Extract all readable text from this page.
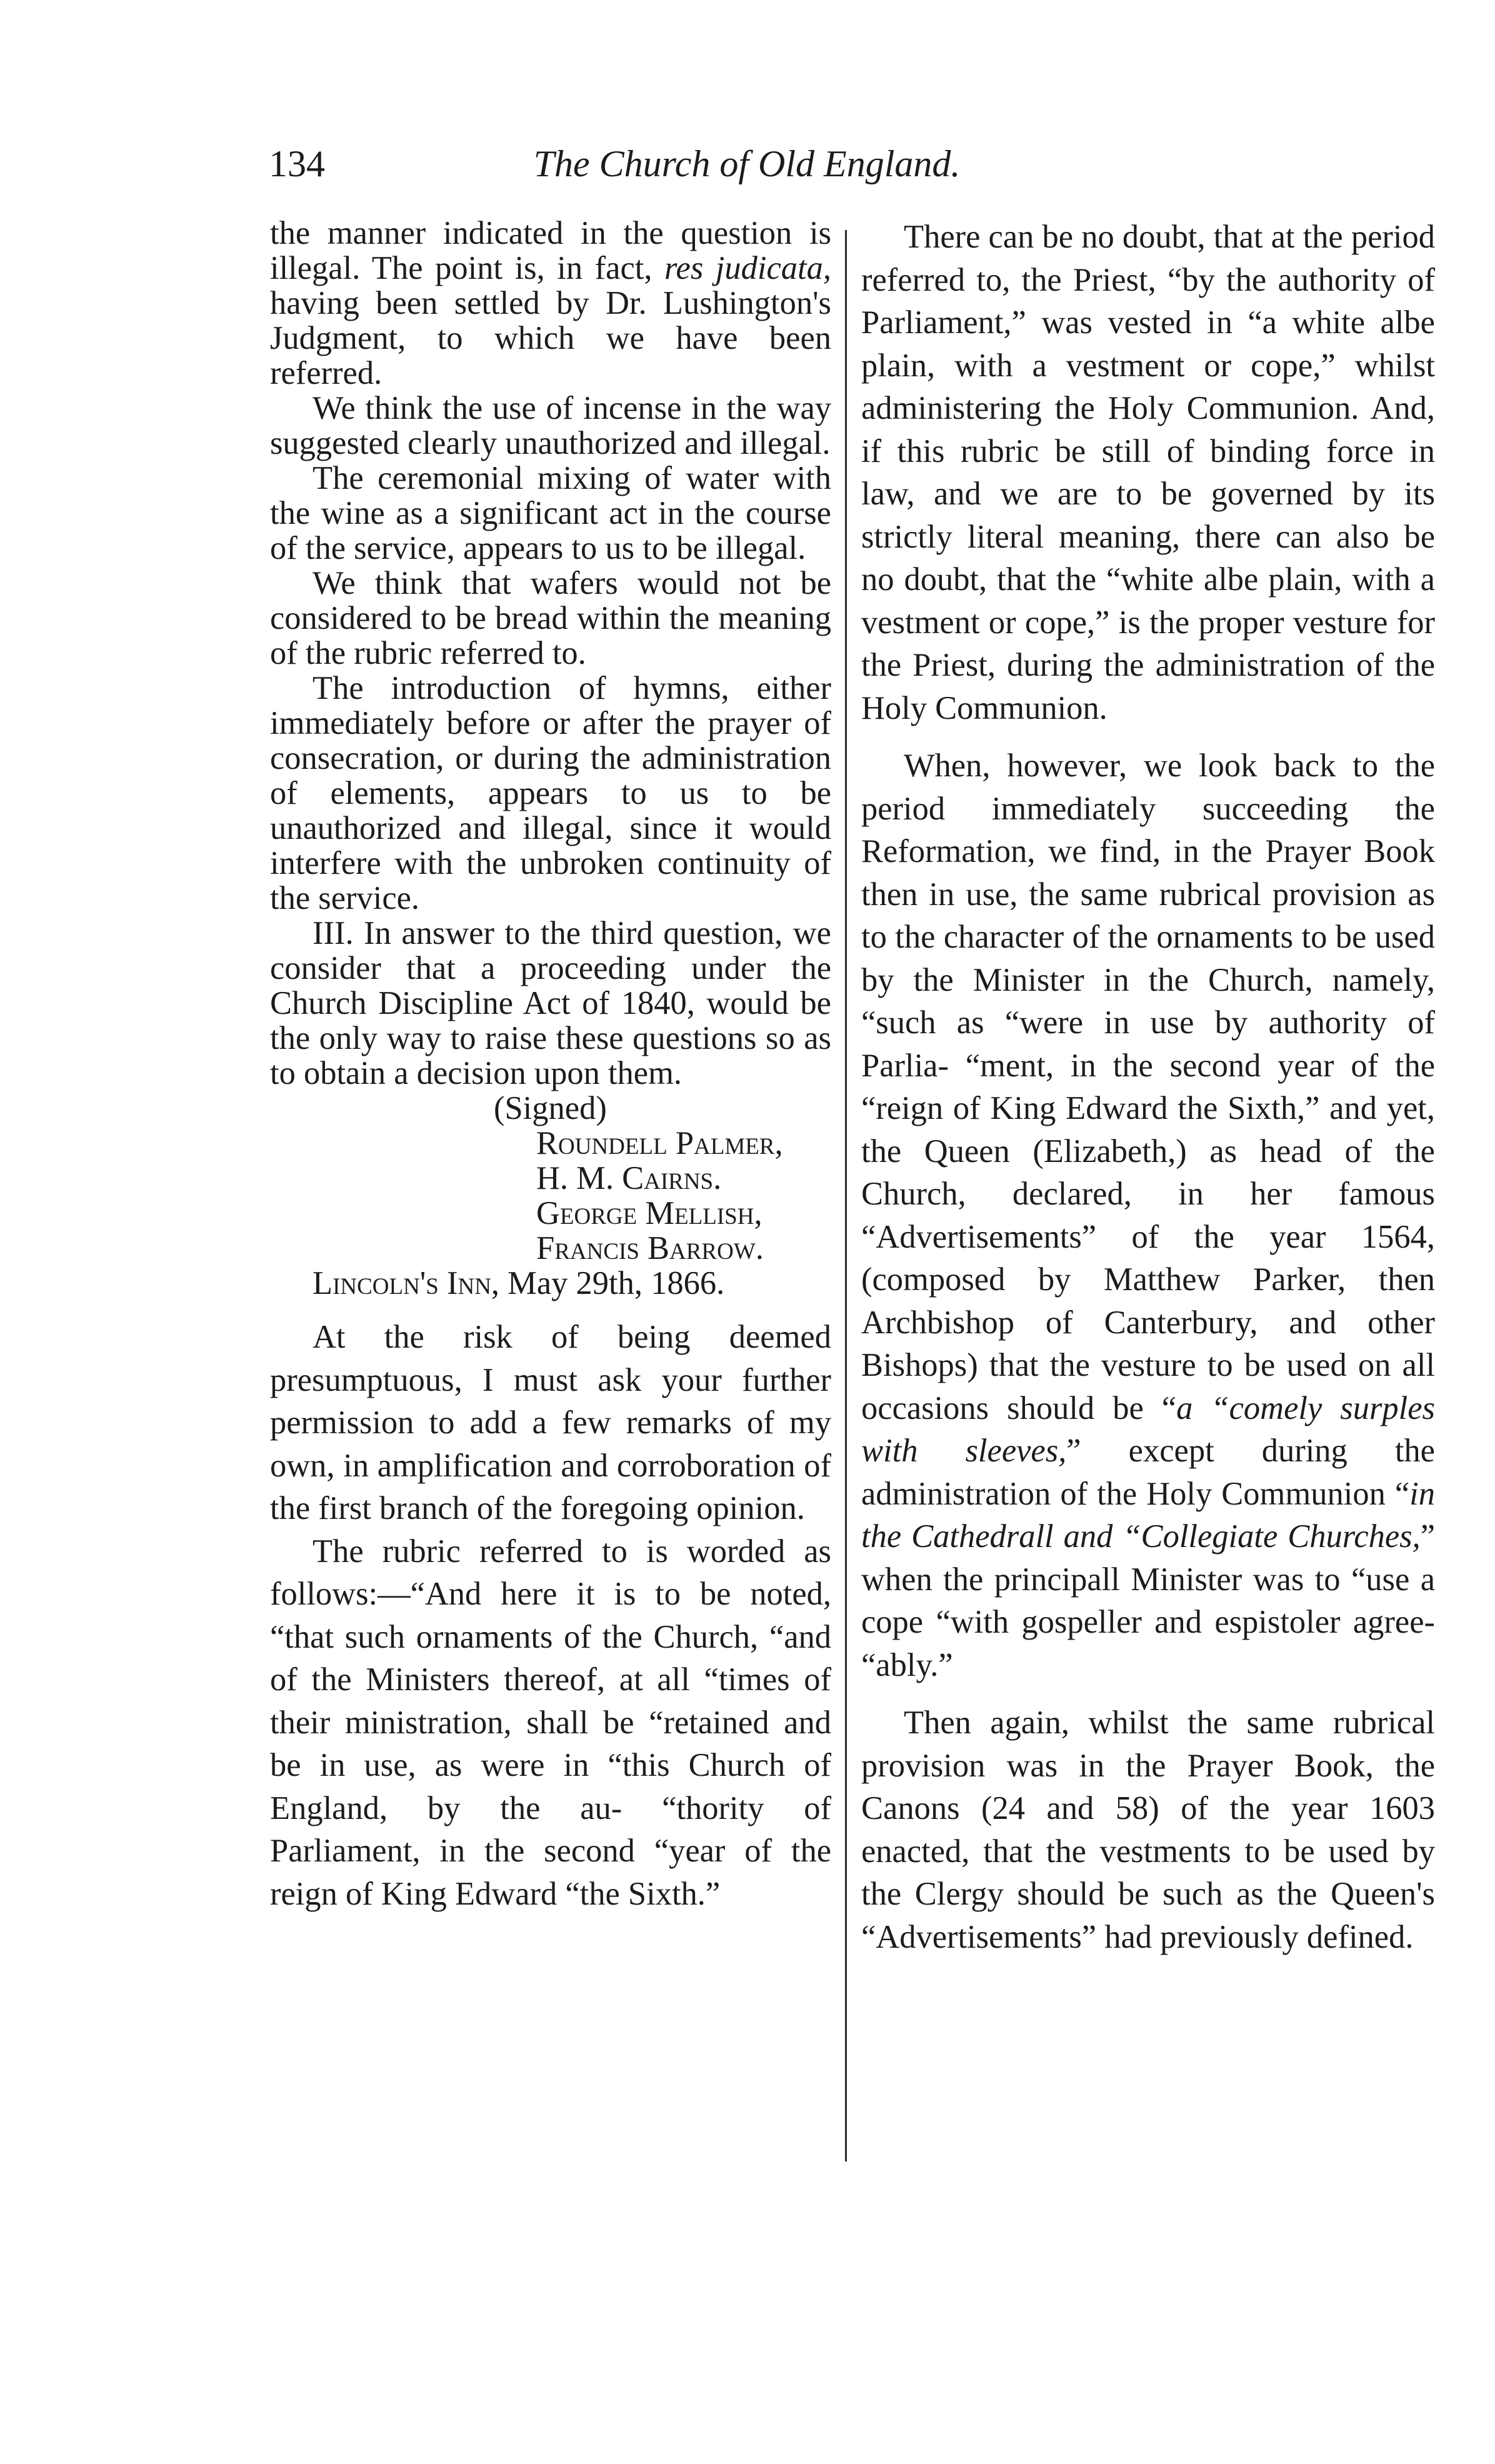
134	The Church of Old England.

the manner indicated in the question is illegal. The point is, in fact, res judicata, having been settled by Dr. Lushington's Judgment, to which we have been referred.

We think the use of incense in the way suggested clearly unauthorized and illegal.

The ceremonial mixing of water with the wine as a significant act in the course of the service, appears to us to be illegal.

We think that wafers would not be considered to be bread within the meaning of the rubric referred to.

The introduction of hymns, either immediately before or after the prayer of consecration, or during the administration of elements, appears to us to be unauthorized and illegal, since it would interfere with the unbroken continuity of the service.

III. In answer to the third question, we consider that a proceeding under the Church Discipline Act of 1840, would be the only way to raise these questions so as to obtain a decision upon them.

(Signed)

Roundell Palmer,

H. M. Cairns.

George Mellish,

Francis Barrow.

Lincoln's Inn, May 29th, 1866.

At the risk of being deemed presumptuous, I must ask your further permission to add a few remarks of my own, in amplification and corroboration of the first branch of the foregoing opinion.

The rubric referred to is worded as follows:—“And here it is to be noted, “that such ornaments of the Church, “and of the Ministers thereof, at all “times of their ministration, shall be “retained and be in use, as were in “this Church of England, by the au- “thority of Parliament, in the second “year of the reign of King Edward “the Sixth.”

There can be no doubt, that at the period referred to, the Priest, “by the authority of Parliament,” was vested in “a white albe plain, with a vestment or cope,” whilst administering the Holy Communion. And, if this rubric be still of binding force in law, and we are to be governed by its strictly literal meaning, there can also be no doubt, that the “white albe plain, with a vestment or cope,” is the proper vesture for the Priest, during the administration of the Holy Communion.

When, however, we look back to the period immediately succeeding the Reformation, we find, in the Prayer Book then in use, the same rubrical provision as to the character of the ornaments to be used by the Minister in the Church, namely, “such as “were in use by authority of Parlia- “ment, in the second year of the “reign of King Edward the Sixth,” and yet, the Queen (Elizabeth,) as head of the Church, declared, in her famous “Advertisements” of the year 1564, (composed by Matthew Parker, then Archbishop of Canterbury, and other Bishops) that the vesture to be used on all occasions should be “a “comely surples with sleeves,” except during the administration of the Holy Communion “in the Cathedrall and “Collegiate Churches,” when the principall Minister was to “use a cope “with gospeller and espistoler agree- “ably.”

Then again, whilst the same rubrical provision was in the Prayer Book, the Canons (24 and 58) of the year 1603 enacted, that the vestments to be used by the Clergy should be such as the Queen's “Advertisements” had previously defined.
